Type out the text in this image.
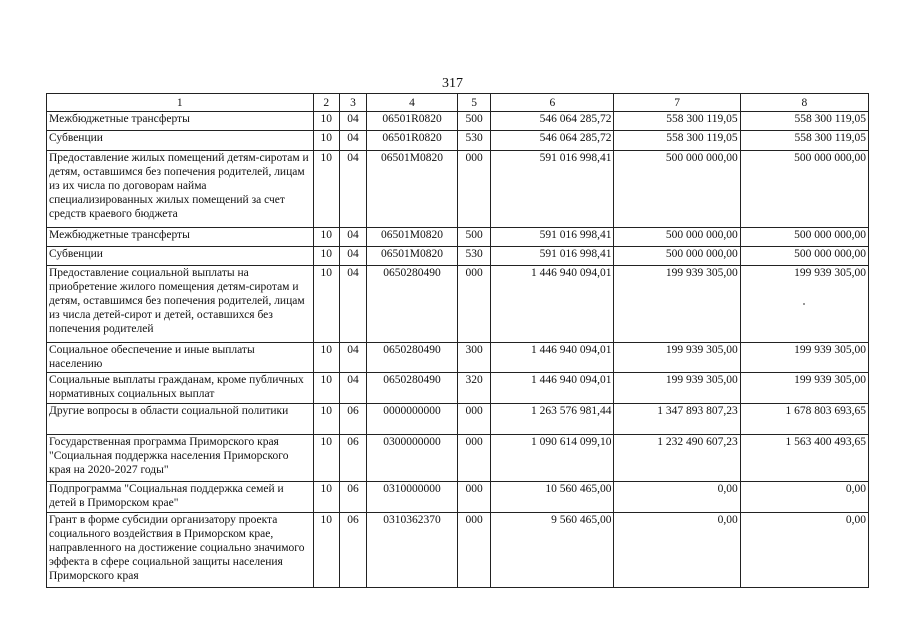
317
1	2	3	4	5	6	7	8
Межбюджетные трансферты	10	04	06501R0820	500	546 064 285,72	558 300 119,05	558 300 119,05
Субвенции	10	04	06501R0820	530	546 064 285,72	558 300 119,05	558 300 119,05
Предоставление жилых помещений детям-сиротам и детям, оставшимся без попечения родителей, лицам из их числа по договорам найма специализированных жилых помещений за счет средств краевого бюджета	10	04	06501M0820	000	591 016 998,41	500 000 000,00	500 000 000,00
Межбюджетные трансферты	10	04	06501M0820	500	591 016 998,41	500 000 000,00	500 000 000,00
Субвенции	10	04	06501M0820	530	591 016 998,41	500 000 000,00	500 000 000,00
Предоставление социальной выплаты на приобретение жилого помещения детям-сиротам и детям, оставшимся без попечения родителей, лицам из числа детей-сирот и детей, оставшихся без попечения родителей	10	04	0650280490	000	1 446 940 094,01	199 939 305,00	199 939 305,00
Социальное обеспечение и иные выплаты населению	10	04	0650280490	300	1 446 940 094,01	199 939 305,00	199 939 305,00
Социальные выплаты гражданам, кроме публичных нормативных социальных выплат	10	04	0650280490	320	1 446 940 094,01	199 939 305,00	199 939 305,00
Другие вопросы в области социальной политики	10	06	0000000000	000	1 263 576 981,44	1 347 893 807,23	1 678 803 693,65
Государственная программа Приморского края "Социальная поддержка населения Приморского края на 2020-2027 годы"	10	06	0300000000	000	1 090 614 099,10	1 232 490 607,23	1 563 400 493,65
Подпрограмма "Социальная поддержка семей и детей в Приморском крае"	10	06	0310000000	000	10 560 465,00	0,00	0,00
Грант в форме субсидии организатору проекта социального воздействия в Приморском крае, направленного на достижение социально значимого эффекта в сфере социальной защиты населения Приморского края	10	06	0310362370	000	9 560 465,00	0,00	0,00
